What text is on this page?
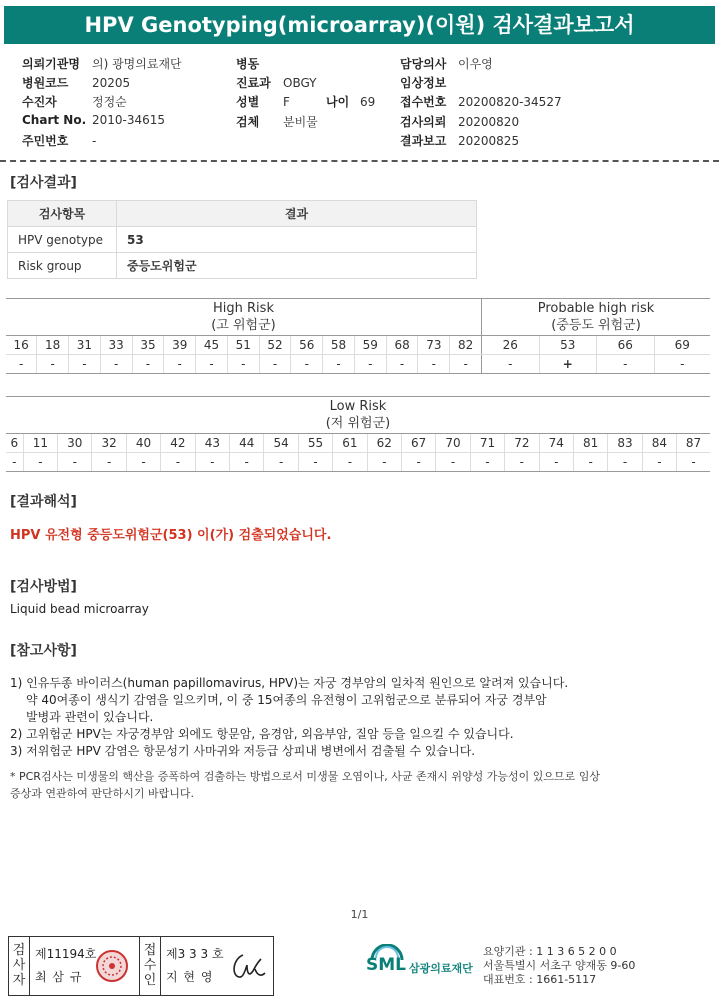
HPV Genotyping(microarray)(이원) 검사결과보고서
의뢰기관명 의) 광명의료재단
병원코드 20205
수진자	정정순
Chart No. 2010-34615
주민번호 -
병동
진료과 OBGY
성별 F
검체 분비물
나이 69
담당의사 이우영
임상정보
접수번호 20200820-34527
검사의뢰 20200820
결과보고 20200825
[검사결과]
검사항목	결과
HPV genotype	53
Risk group	중등도위험군
High Risk
(고 위험군)															Probable high risk
(중등도 위험군)			
16	18	31	33	35	39	45	51	52	56	58	59	68	73	82	26	53	66	69
-	-	-	-	-	-	-	-	-	-	-	-	-	-	-	-	+	-	-
Low Risk
(저 위험군)																				
6	11	30	32	40	42	43	44	54	55	61	62	67	70	71	72	74	81	83	84	87
-	-	-	-	-	-	-	-	-	-	-	-	-	-	-	-	-	-	-	-	-
[결과해석]
HPV 유전형 중등도위험군(53) 이(가) 검출되었습니다.
[검사방법]
Liquid bead microarray
[참고사항]
1) 인유두종 바이러스(human papillomavirus, HPV)는 자궁 경부암의 일차적 원인으로 알려져 있습니다.
약 40여종이 생식기 감염을 일으키며, 이 중 15여종의 유전형이 고위험군으로 분류되어 자궁 경부암
발병과 관련이 있습니다.
2) 고위험군 HPV는 자궁경부암 외에도 항문암, 음경암, 외음부암, 질암 등을 일으킬 수 있습니다.
3) 저위험군 HPV 감염은 항문성기 사마귀와 저등급 상피내 병변에서 검출될 수 있습니다.
* PCR검사는 미생물의 핵산을 증폭하여 검출하는 방법으로서 미생물 오염이나, 사균 존재시 위양성 가능성이 있으므로 임상
증상과 연관하여 판단하시기 바랍니다.
1/1
검사자
제11194호
최 삼 규
접수인
제3 3 3 호
지 현 영
SML 삼광의료재단
요양기관 : 1 1 3 6 5 2 0 0
서울특별시 서초구 양재동 9-60
대표번호 : 1661-5117
